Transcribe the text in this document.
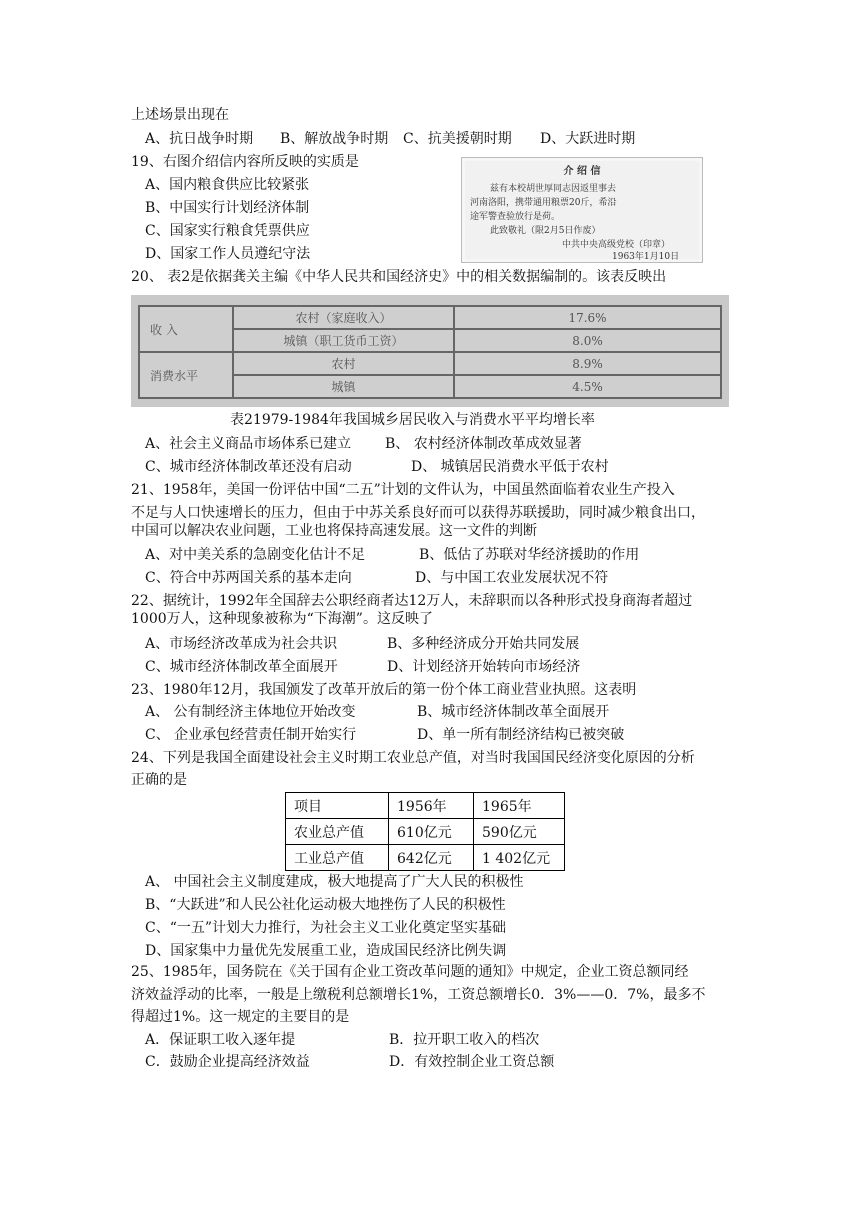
上述场景出现在
A、抗日战争时期 B、解放战争时期 C、抗美援朝时期 D、大跃进时期
19、右图介绍信内容所反映的实质是
A、国内粮食供应比较紧张
B、中国实行计划经济体制
C、国家实行粮食凭票供应
D、国家工作人员遵纪守法
介 绍 信
兹有本校胡世厚同志因返里事去
河南洛阳，携带通用粮票20斤，希沿
途军警查验放行是荷。
此致敬礼（限2月5日作废）
中共中央高级党校（印章）
1963年1月10日
20、 表2是依据龚关主编《中华人民共和国经济史》中的相关数据编制的。该表反映出
收 入	农村（家庭收入）	17.6%
	城镇（职工货币工资）	8.0%
消费水平	农村	8.9%
	城镇	4.5%
表21979-1984年我国城乡居民收入与消费水平平均增长率
A、社会主义商品市场体系已建立 B、 农村经济体制改革成效显著
C、城市经济体制改革还没有启动	D、 城镇居民消费水平低于农村
21、1958年，美国一份评估中国“二五”计划的文件认为，中国虽然面临着农业生产投入
不足与人口快速增长的压力，但由于中苏关系良好而可以获得苏联援助，同时减少粮食出口，
中国可以解决农业问题，工业也将保持高速发展。这一文件的判断
A、对中美关系的急剧变化估计不足	B、低估了苏联对华经济援助的作用
C、符合中苏两国关系的基本走向	D、与中国工农业发展状况不符
22、据统计，1992年全国辞去公职经商者达12万人，未辞职而以各种形式投身商海者超过
1000万人，这种现象被称为“下海潮”。这反映了
A、市场经济改革成为社会共识	B、多种经济成分开始共同发展
C、城市经济体制改革全面展开	D、计划经济开始转向市场经济
23、1980年12月，我国颁发了改革开放后的第一份个体工商业营业执照。这表明
A、 公有制经济主体地位开始改变	B、城市经济体制改革全面展开
C、 企业承包经营责任制开始实行	D、单一所有制经济结构已被突破
24、下列是我国全面建设社会主义时期工农业总产值，对当时我国国民经济变化原因的分析
正确的是
项目	1956年	1965年
农业总产值	610亿元	590亿元
工业总产值	642亿元	1 402亿元
A、 中国社会主义制度建成，极大地提高了广大人民的积极性
B、“大跃进”和人民公社化运动极大地挫伤了人民的积极性
C、“一五”计划大力推行，为社会主义工业化奠定坚实基础
D、国家集中力量优先发展重工业，造成国民经济比例失调
25、1985年，国务院在《关于国有企业工资改革问题的通知》中规定，企业工资总额同经
济效益浮动的比率，一般是上缴税利总额增长1%，工资总额增长0．3%——0．7%，最多不
得超过1%。这一规定的主要目的是
A．保证职工收入逐年提	B．拉开职工收入的档次
C．鼓励企业提高经济效益	D．有效控制企业工资总额
